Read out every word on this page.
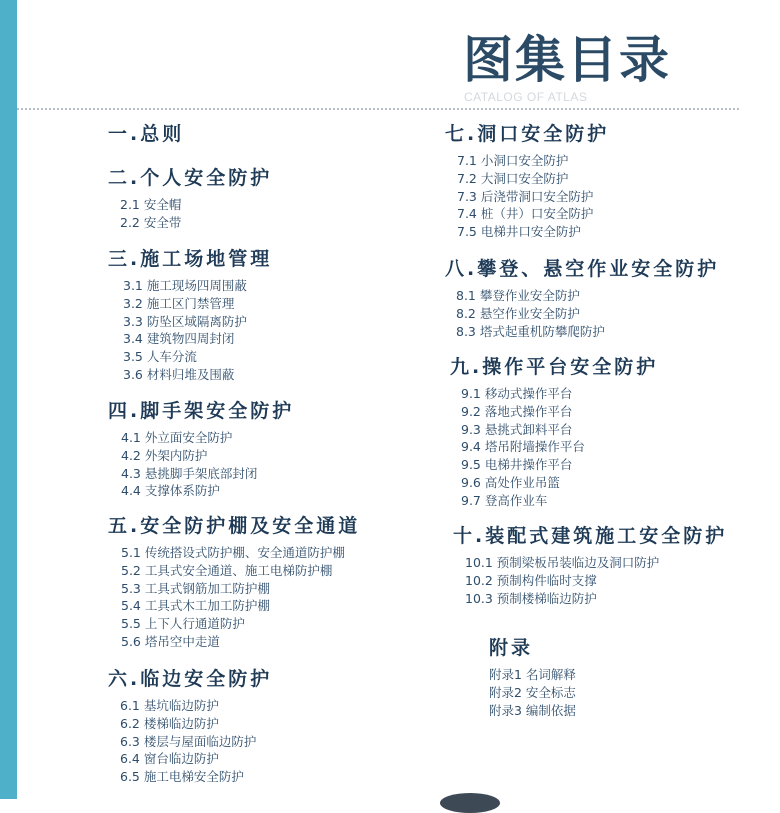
图集目录
CATALOG OF ATLAS
一.总则
二.个人安全防护
2.1 安全帽
2.2 安全带
三.施工场地管理
3.1 施工现场四周围蔽
3.2 施工区门禁管理
3.3 防坠区域隔离防护
3.4 建筑物四周封闭
3.5 人车分流
3.6 材料归堆及围蔽
四.脚手架安全防护
4.1 外立面安全防护
4.2 外架内防护
4.3 悬挑脚手架底部封闭
4.4 支撑体系防护
五.安全防护棚及安全通道
5.1 传统搭设式防护棚、安全通道防护棚
5.2 工具式安全通道、施工电梯防护棚
5.3 工具式钢筋加工防护棚
5.4 工具式木工加工防护棚
5.5 上下人行通道防护
5.6 塔吊空中走道
六.临边安全防护
6.1 基坑临边防护
6.2 楼梯临边防护
6.3 楼层与屋面临边防护
6.4 窗台临边防护
6.5 施工电梯安全防护
七.洞口安全防护
7.1 小洞口安全防护
7.2 大洞口安全防护
7.3 后浇带洞口安全防护
7.4 桩（井）口安全防护
7.5 电梯井口安全防护
八.攀登、悬空作业安全防护
8.1 攀登作业安全防护
8.2 悬空作业安全防护
8.3 塔式起重机防攀爬防护
九.操作平台安全防护
9.1 移动式操作平台
9.2 落地式操作平台
9.3 悬挑式卸料平台
9.4 塔吊附墙操作平台
9.5 电梯井操作平台
9.6 高处作业吊篮
9.7 登高作业车
十.装配式建筑施工安全防护
10.1 预制梁板吊装临边及洞口防护
10.2 预制构件临时支撑
10.3 预制楼梯临边防护
附录
附录1 名词解释
附录2 安全标志
附录3 编制依据
